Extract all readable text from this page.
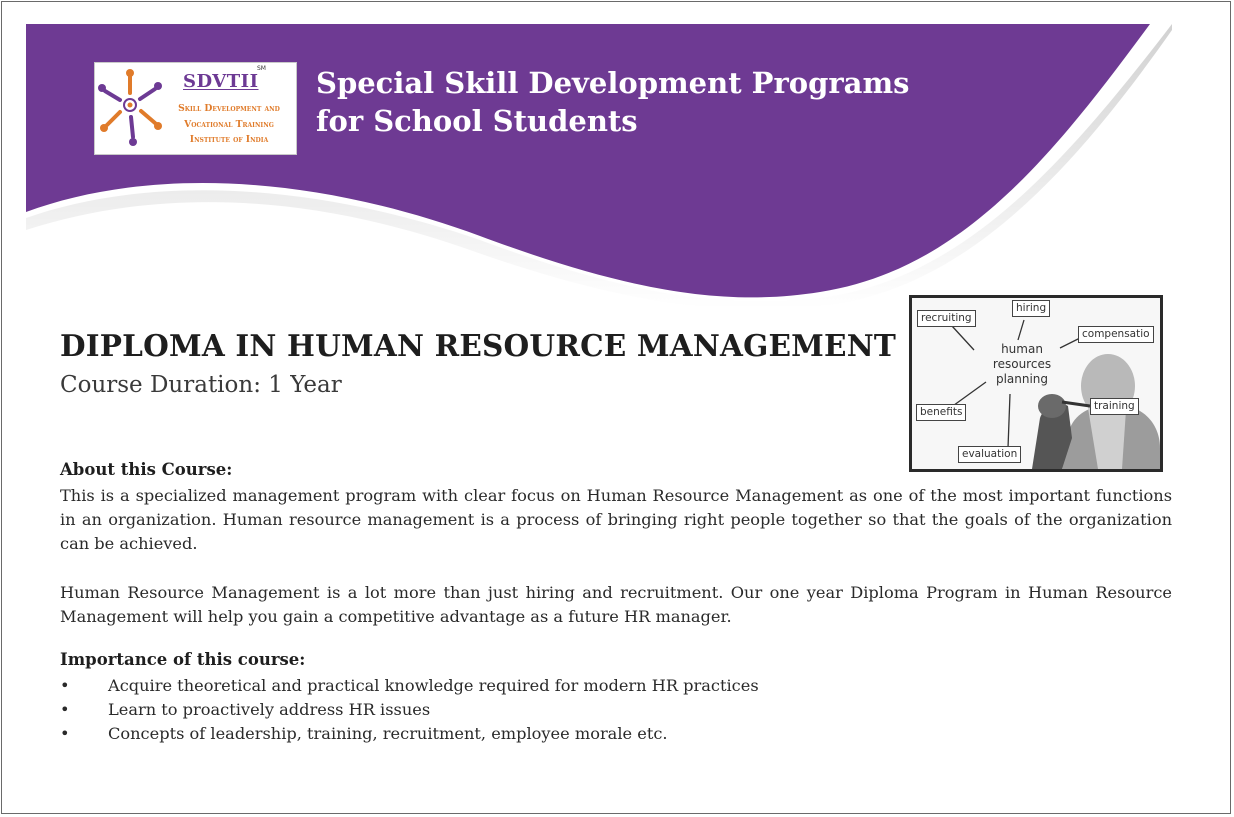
SDVTII
SM
Skill Development and
Vocational Training
Institute of India
Special Skill Development Programs
for School Students
DIPLOMA IN HUMAN RESOURCE MANAGEMENT
Course Duration: 1 Year
recruiting
hiring
compensatio
human
resources
planning
benefits	training
evaluation
About this Course:
This is a specialized management program with clear focus on Human Resource Management as one of the most important functions in an organization. Human resource management is a process of bringing right people together so that the goals of the organization can be achieved.
Human Resource Management is a lot more than just hiring and recruitment. Our one year Diploma Program in Human Resource Management will help you gain a competitive advantage as a future HR manager.
Importance of this course:
• Acquire theoretical and practical knowledge required for modern HR practices
• Learn to proactively address HR issues
• Concepts of leadership, training, recruitment, employee morale etc.
